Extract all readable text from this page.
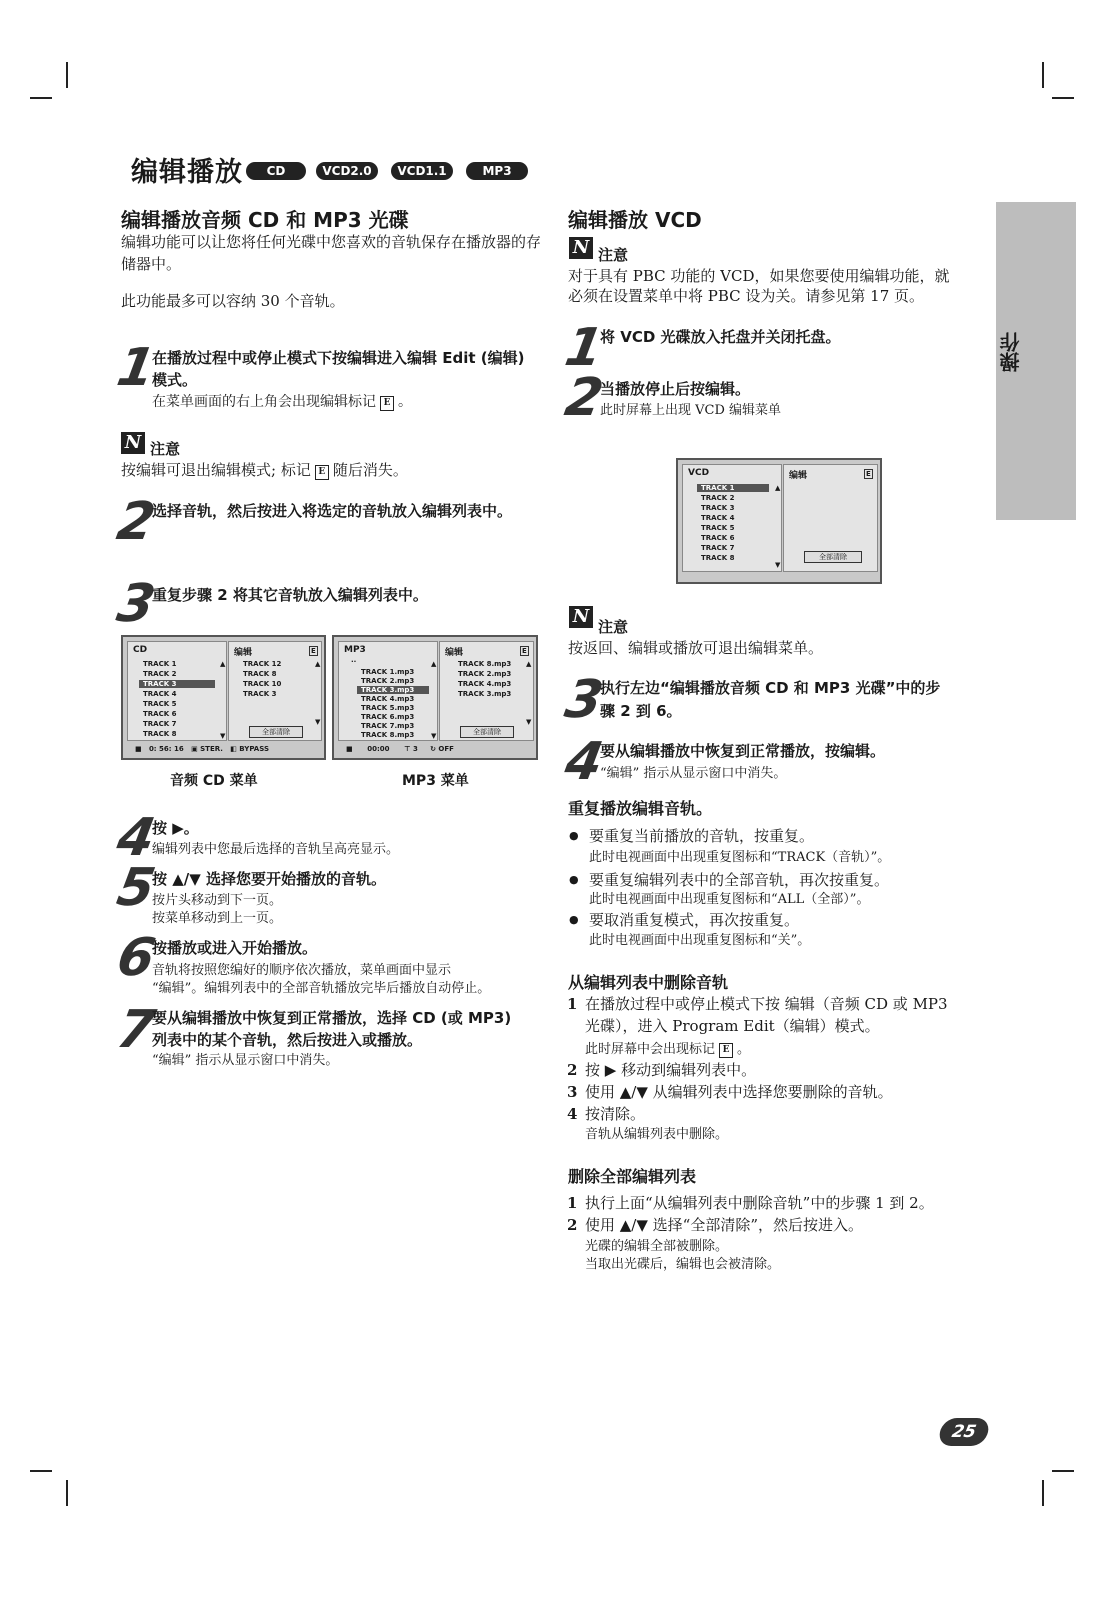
编辑播放	CD	VCD2.0	VCD1.1	MP3
编辑播放音频 CD 和 MP3 光碟
编辑功能可以让您将任何光碟中您喜欢的音轨保存在播放器的存储器中。
此功能最多可以容纳 30 个音轨。
1
在播放过程中或停止模式下按编辑进入编辑 Edit (编辑) 模式。
在菜单画面的右上角会出现编辑标记 E 。
N 注意
按编辑可退出编辑模式; 标记 E 随后消失。
2
选择音轨，然后按进入将选定的音轨放入编辑列表中。
3
重复步骤 2 将其它音轨放入编辑列表中。
CD
TRACK 1
TRACK 2
TRACK 3
TRACK 4
TRACK 5
TRACK 6
TRACK 7
TRACK 8
▲
▼
编辑	E
TRACK 12
TRACK 8
TRACK 10
TRACK 3
▲
▼
全部清除
■ 0: 56: 16 ▣ STER. ◧ BYPASS
音频 CD 菜单
MP3
..
TRACK 1.mp3
TRACK 2.mp3
TRACK 3.mp3
TRACK 4.mp3
TRACK 5.mp3
TRACK 6.mp3
TRACK 7.mp3
TRACK 8.mp3
▲
▼
编辑	E
TRACK 8.mp3
TRACK 2.mp3
TRACK 4.mp3
TRACK 3.mp3
▲
▼
全部清除
■ 00:00 ⊤ 3 ↻ OFF
MP3 菜单
4
按 ▶。
编辑列表中您最后选择的音轨呈高亮显示。
5
按 ▲/▼ 选择您要开始播放的音轨。
按片头移动到下一页。
按菜单移动到上一页。
6
按播放或进入开始播放。
音轨将按照您编好的顺序依次播放，菜单画面中显示
“编辑”。编辑列表中的全部音轨播放完毕后播放自动停止。
7
要从编辑播放中恢复到正常播放，选择 CD (或 MP3)
列表中的某个音轨，然后按进入或播放。
“编辑” 指示从显示窗口中消失。
编辑播放 VCD
N 注意
对于具有 PBC 功能的 VCD，如果您要使用编辑功能，就
必须在设置菜单中将 PBC 设为关。请参见第 17 页。
1
将 VCD 光碟放入托盘并关闭托盘。
2
当播放停止后按编辑。
此时屏幕上出现 VCD 编辑菜单
VCD
TRACK 1
TRACK 2
TRACK 3
TRACK 4
TRACK 5
TRACK 6
TRACK 7
TRACK 8
▲
▼
编辑	E
全部清除
N 注意
按返回、编辑或播放可退出编辑菜单。
3
执行左边“编辑播放音频 CD 和 MP3 光碟”中的步
骤 2 到 6。
4
要从编辑播放中恢复到正常播放，按编辑。
“编辑” 指示从显示窗口中消失。
重复播放编辑音轨。
● 要重复当前播放的音轨，按重复。
此时电视画面中出现重复图标和“TRACK（音轨）”。
● 要重复编辑列表中的全部音轨，再次按重复。
此时电视画面中出现重复图标和“ALL（全部）”。
● 要取消重复模式，再次按重复。
此时电视画面中出现重复图标和“关”。
从编辑列表中删除音轨
1 在播放过程中或停止模式下按 编辑（音频 CD 或 MP3
光碟），进入 Program Edit（编辑）模式。
此时屏幕中会出现标记 E 。
2 按 ▶ 移动到编辑列表中。
3 使用 ▲/▼ 从编辑列表中选择您要删除的音轨。
4 按清除。
音轨从编辑列表中删除。
删除全部编辑列表
1 执行上面“从编辑列表中删除音轨”中的步骤 1 到 2。
2 使用 ▲/▼ 选择“全部清除”，然后按进入。
光碟的编辑全部被删除。
当取出光碟后，编辑也会被清除。
操作
25
